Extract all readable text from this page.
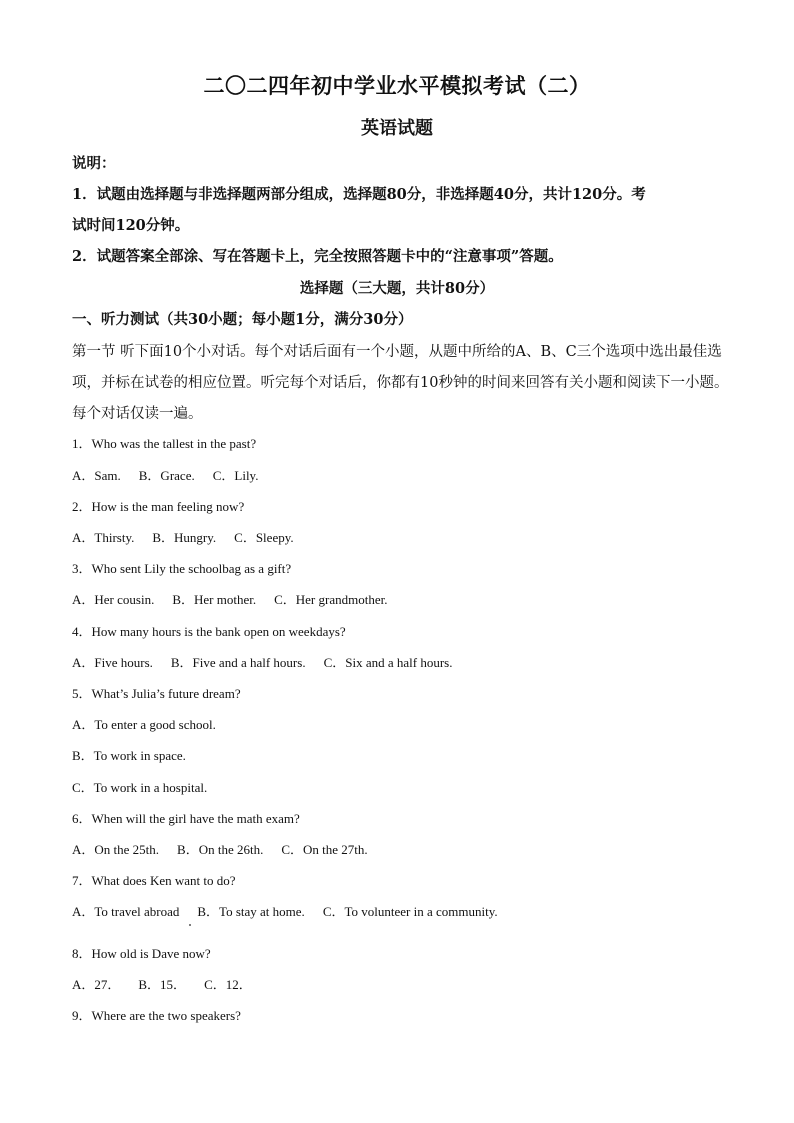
二〇二四年初中学业水平模拟考试（二）
英语试题
说明：
1．试题由选择题与非选择题两部分组成，选择题80分，非选择题40分，共计120分。考
试时间120分钟。
2．试题答案全部涂、写在答题卡上，完全按照答题卡中的“注意事项”答题。
选择题（三大题，共计80分）
一、听力测试（共30小题；每小题1分，满分30分）
第一节 听下面10个小对话。每个对话后面有一个小题，从题中所给的A、B、C三个选项中选出最佳选
项，并标在试卷的相应位置。听完每个对话后，你都有10秒钟的时间来回答有关小题和阅读下一小题。
每个对话仅读一遍。
1．Who was the tallest in the past?
A．Sam. B．Grace. C．Lily.
2．How is the man feeling now?
A．Thirsty. B．Hungry. C．Sleepy.
3．Who sent Lily the schoolbag as a gift?
A．Her cousin. B．Her mother. C．Her grandmother.
4．How many hours is the bank open on weekdays?
A．Five hours. B．Five and a half hours. C．Six and a half hours.
5．What’s Julia’s future dream?
A．To enter a good school.
B．To work in space.
C．To work in a hospital.
6．When will the girl have the math exam?
A．On the 25th. B．On the 26th. C．On the 27th.
7．What does Ken want to do?
A．To travel abroad B．To stay at home. C．To volunteer in a community.
8．How old is Dave now?
A．27． B．15． C．12．
9．Where are the two speakers?
